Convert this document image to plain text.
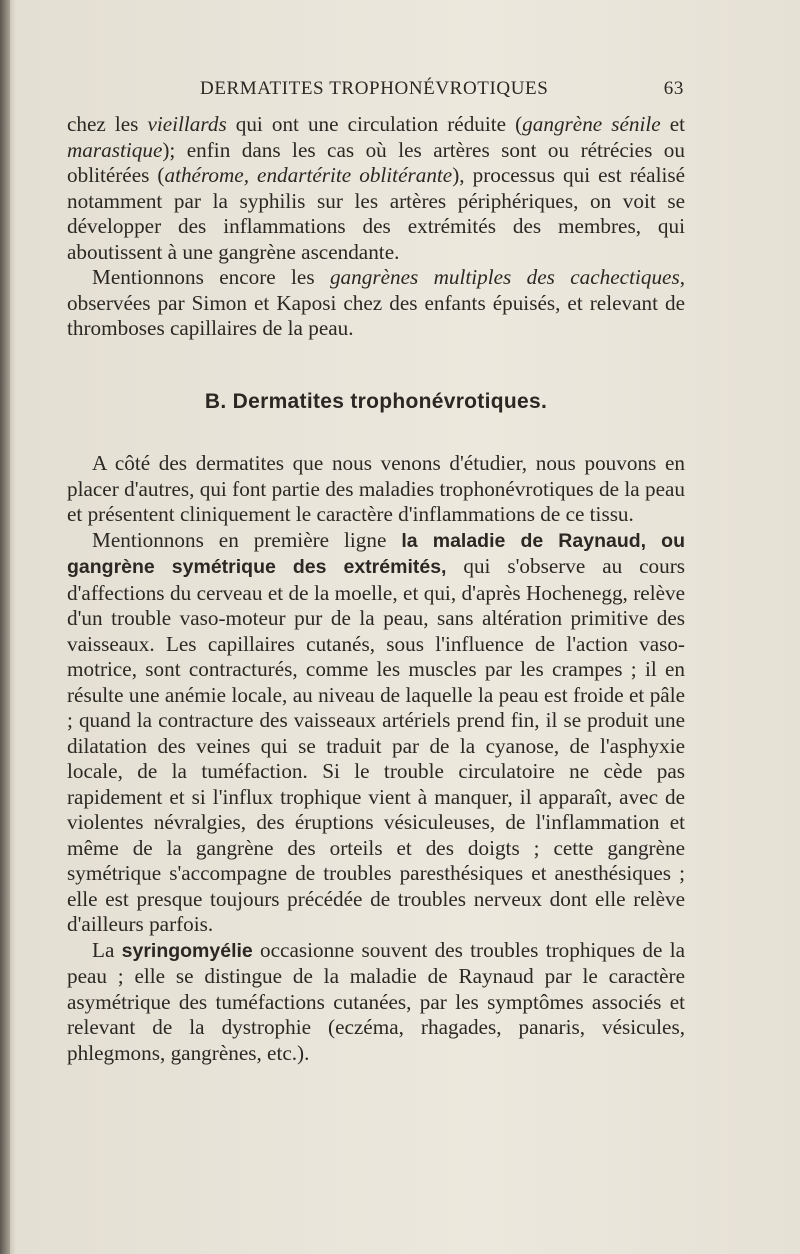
DERMATITES TROPHONÉVROTIQUES	63

chez les vieillards qui ont une circulation réduite (gangrène sénile et marastique); enfin dans les cas où les artères sont ou rétrécies ou oblitérées (athérome, endartérite oblitérante), processus qui est réalisé notamment par la syphilis sur les artères périphériques, on voit se développer des inflammations des extrémités des membres, qui aboutissent à une gangrène ascendante.

Mentionnons encore les gangrènes multiples des cachectiques, observées par Simon et Kaposi chez des enfants épuisés, et relevant de thromboses capillaires de la peau.

B. Dermatites trophonévrotiques.

A côté des dermatites que nous venons d'étudier, nous pouvons en placer d'autres, qui font partie des maladies trophonévrotiques de la peau et présentent cliniquement le caractère d'inflammations de ce tissu.

Mentionnons en première ligne la maladie de Raynaud, ou gangrène symétrique des extrémités, qui s'observe au cours d'affections du cerveau et de la moelle, et qui, d'après Hochenegg, relève d'un trouble vaso-moteur pur de la peau, sans altération primitive des vaisseaux. Les capillaires cutanés, sous l'influence de l'action vaso-motrice, sont contracturés, comme les muscles par les crampes ; il en résulte une anémie locale, au niveau de laquelle la peau est froide et pâle ; quand la contracture des vaisseaux artériels prend fin, il se produit une dilatation des veines qui se traduit par de la cyanose, de l'asphyxie locale, de la tuméfaction. Si le trouble circulatoire ne cède pas rapidement et si l'influx trophique vient à manquer, il apparaît, avec de violentes névralgies, des éruptions vésiculeuses, de l'inflammation et même de la gangrène des orteils et des doigts ; cette gangrène symétrique s'accompagne de troubles paresthésiques et anesthésiques ; elle est presque toujours précédée de troubles nerveux dont elle relève d'ailleurs parfois.

La syringomyélie occasionne souvent des troubles trophiques de la peau ; elle se distingue de la maladie de Raynaud par le caractère asymétrique des tuméfactions cutanées, par les symptômes associés et relevant de la dystrophie (eczéma, rhagades, panaris, vésicules, phlegmons, gangrènes, etc.).
